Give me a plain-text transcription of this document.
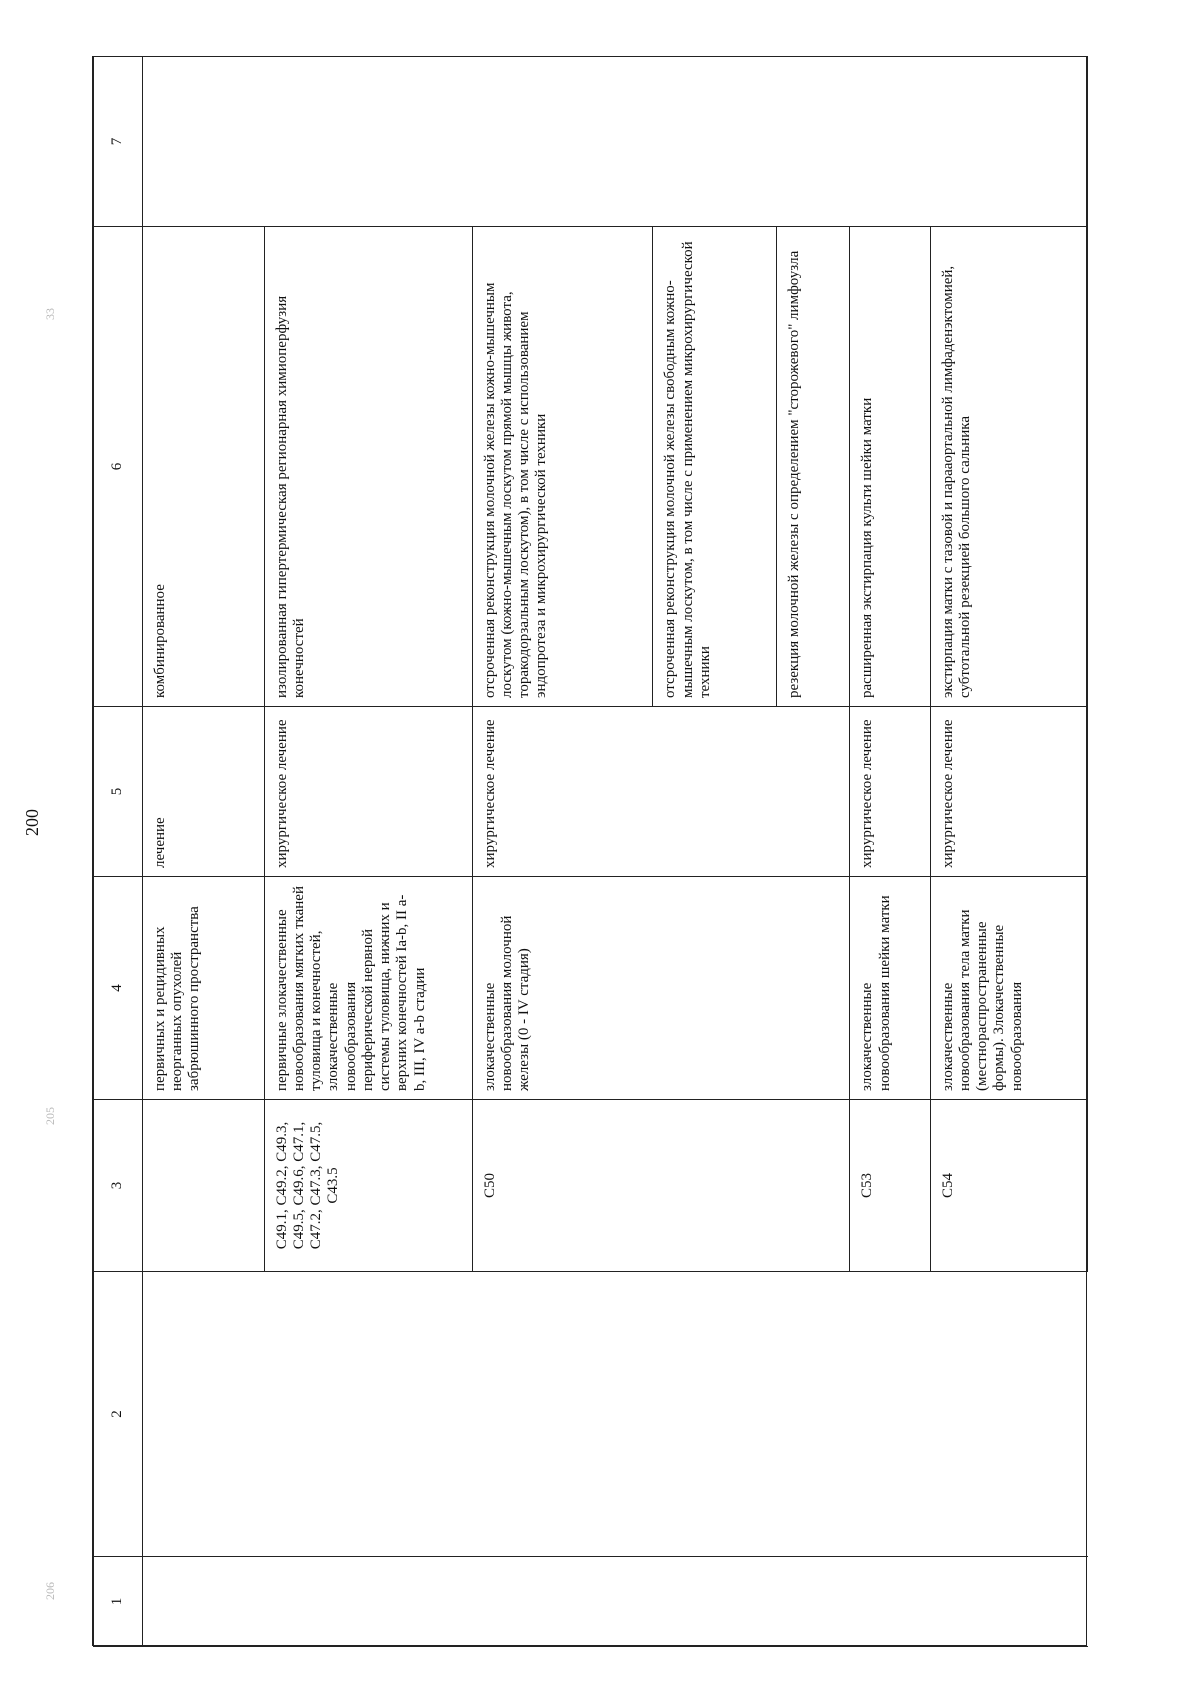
200
206
205
33
1	2	3	4	5	6	7
			первичных и рецидивных неорганных опухолей забрюшинного пространства	лечение	комбинированное	
		C49.1, C49.2, C49.3, C49.5, C49.6, C47.1, C47.2, C47.3, C47.5, C43.5	первичные злокачественные новообразования мягких тканей туловища и конечностей, злокачественные новообразования периферической нервной системы туловища, нижних и верхних конечностей Ia-b, II a-b, III, IV a-b стадии	хирургическое лечение	изолированная гипертермическая регионарная химиоперфузия конечностей	
		C50	злокачественные новообразования молочной железы (0 - IV стадия)	хирургическое лечение	отсроченная реконструкция молочной железы кожно-мышечным лоскутом (кожно-мышечным лоскутом прямой мышцы живота, торакодорзальным лоскутом), в том числе с использованием эндопротеза и микрохирургической техники	
					отсроченная реконструкция молочной железы свободным кожно-мышечным лоскутом, в том числе с применением микрохирургической техники	
					резекция молочной железы с определением "сторожевого" лимфоузла	
		C53	злокачественные новообразования шейки матки	хирургическое лечение	расширенная экстирпация культи шейки матки	
		C54	злокачественные новообразования тела матки (местнораспространенные формы). Злокачественные новообразования	хирургическое лечение	экстирпация матки с тазовой и парааортальной лимфаденэктомией, субтотальной резекцией большого сальника	
